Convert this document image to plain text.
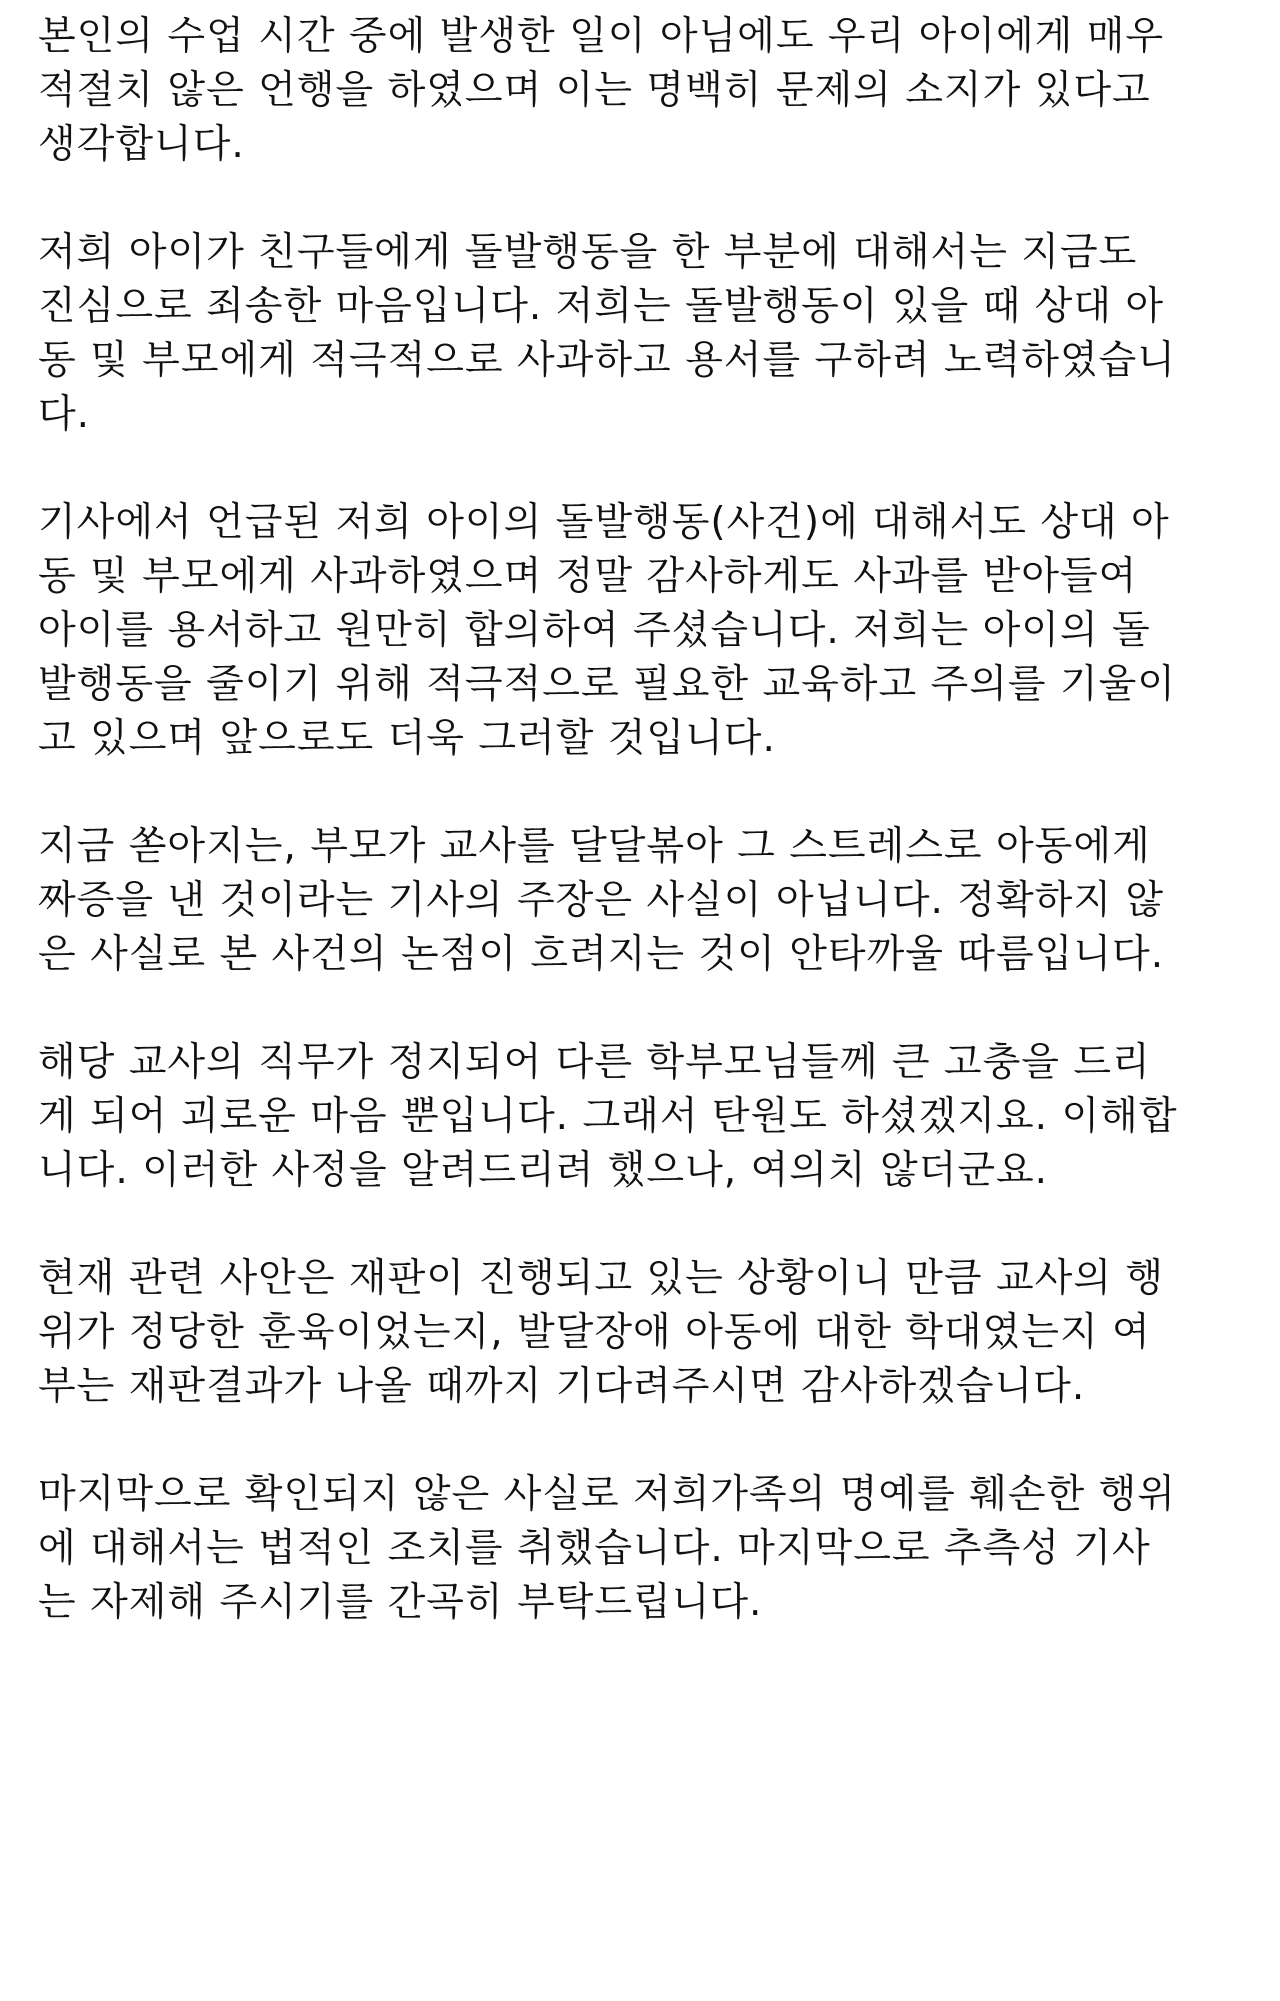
본인의 수업 시간 중에 발생한 일이 아님에도 우리 아이에게 매우
적절치 않은 언행을 하였으며 이는 명백히 문제의 소지가 있다고
생각합니다.

저희 아이가 친구들에게 돌발행동을 한 부분에 대해서는 지금도
진심으로 죄송한 마음입니다. 저희는 돌발행동이 있을 때 상대 아
동 및 부모에게 적극적으로 사과하고 용서를 구하려 노력하였습니
다.

기사에서 언급된 저희 아이의 돌발행동(사건)에 대해서도 상대 아
동 및 부모에게 사과하였으며 정말 감사하게도 사과를 받아들여
아이를 용서하고 원만히 합의하여 주셨습니다. 저희는 아이의 돌
발행동을 줄이기 위해 적극적으로 필요한 교육하고 주의를 기울이
고 있으며 앞으로도 더욱 그러할 것입니다.

지금 쏟아지는, 부모가 교사를 달달볶아 그 스트레스로 아동에게
짜증을 낸 것이라는 기사의 주장은 사실이 아닙니다. 정확하지 않
은 사실로 본 사건의 논점이 흐려지는 것이 안타까울 따름입니다.

해당 교사의 직무가 정지되어 다른 학부모님들께 큰 고충을 드리
게 되어 괴로운 마음 뿐입니다. 그래서 탄원도 하셨겠지요. 이해합
니다. 이러한 사정을 알려드리려 했으나, 여의치 않더군요.

현재 관련 사안은 재판이 진행되고 있는 상황이니 만큼 교사의 행
위가 정당한 훈육이었는지, 발달장애 아동에 대한 학대였는지 여
부는 재판결과가 나올 때까지 기다려주시면 감사하겠습니다.

마지막으로 확인되지 않은 사실로 저희가족의 명예를 훼손한 행위
에 대해서는 법적인 조치를 취했습니다. 마지막으로 추측성 기사
는 자제해 주시기를 간곡히 부탁드립니다.
